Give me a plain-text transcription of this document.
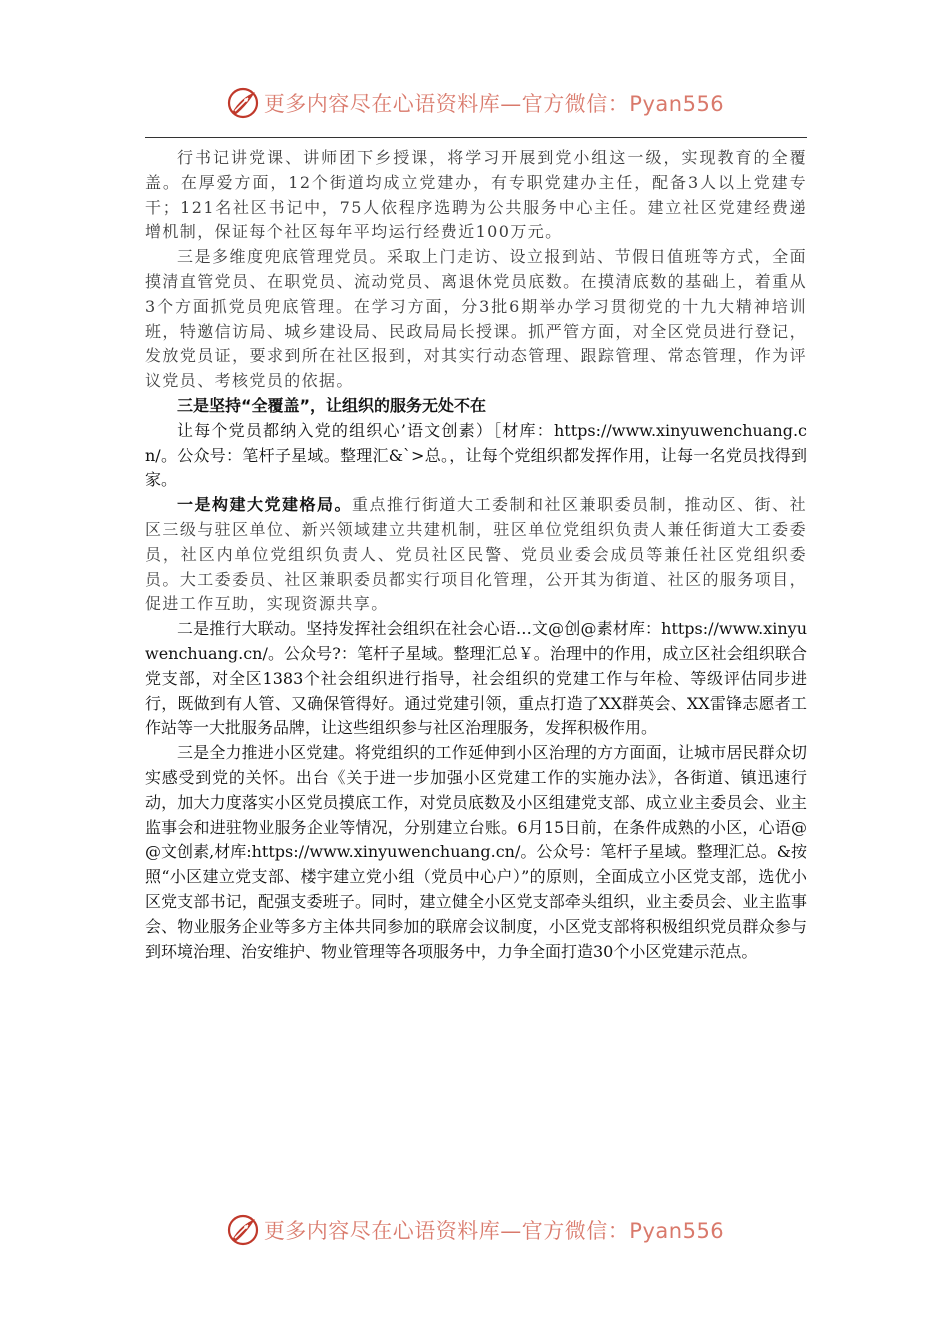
更多内容尽在心语资料库—官方微信：Pyan556

行书记讲党课、讲师团下乡授课，将学习开展到党小组这一级，实现教育的全覆盖。在厚爱方面，12个街道均成立党建办，有专职党建办主任，配备3人以上党建专干；121名社区书记中，75人依程序选聘为公共服务中心主任。建立社区党建经费递增机制，保证每个社区每年平均运行经费近100万元。

三是多维度兜底管理党员。采取上门走访、设立报到站、节假日值班等方式，全面摸清直管党员、在职党员、流动党员、离退休党员底数。在摸清底数的基础上，着重从3个方面抓党员兜底管理。在学习方面，分3批6期举办学习贯彻党的十九大精神培训班，特邀信访局、城乡建设局、民政局局长授课。抓严管方面，对全区党员进行登记，发放党员证，要求到所在社区报到，对其实行动态管理、跟踪管理、常态管理，作为评议党员、考核党员的依据。

三是坚持“全覆盖”，让组织的服务无处不在

让每个党员都纳入党的组织心’语文创素）［材库：https://www.xinyuwenchuang.cn/。公众号：笔杆子星域。整理汇&`>总。，让每个党组织都发挥作用，让每一名党员找得到家。

一是构建大党建格局。重点推行街道大工委制和社区兼职委员制，推动区、街、社区三级与驻区单位、新兴领域建立共建机制，驻区单位党组织负责人兼任街道大工委委员，社区内单位党组织负责人、党员社区民警、党员业委会成员等兼任社区党组织委员。大工委委员、社区兼职委员都实行项目化管理，公开其为街道、社区的服务项目，促进工作互助，实现资源共享。

二是推行大联动。坚持发挥社会组织在社会心语…文@创@素材库：https://www.xinyuwenchuang.cn/。公众号?：笔杆子星域。整理汇总￥。治理中的作用，成立区社会组织联合党支部，对全区1383个社会组织进行指导，社会组织的党建工作与年检、等级评估同步进行，既做到有人管、又确保管得好。通过党建引领，重点打造了XX群英会、XX雷锋志愿者工作站等一大批服务品牌，让这些组织参与社区治理服务，发挥积极作用。

三是全力推进小区党建。将党组织的工作延伸到小区治理的方方面面，让城市居民群众切实感受到党的关怀。出台《关于进一步加强小区党建工作的实施办法》，各街道、镇迅速行动，加大力度落实小区党员摸底工作，对党员底数及小区组建党支部、成立业主委员会、业主监事会和进驻物业服务企业等情况，分别建立台账。6月15日前，在条件成熟的小区，心语@@文创素,材库:https://www.xinyuwenchuang.cn/。公众号：笔杆子星域。整理汇总。&按照“小区建立党支部、楼宇建立党小组（党员中心户）”的原则，全面成立小区党支部，选优小区党支部书记，配强支委班子。同时，建立健全小区党支部牵头组织，业主委员会、业主监事会、物业服务企业等多方主体共同参加的联席会议制度，小区党支部将积极组织党员群众参与到环境治理、治安维护、物业管理等各项服务中，力争全面打造30个小区党建示范点。

更多内容尽在心语资料库—官方微信：Pyan556
